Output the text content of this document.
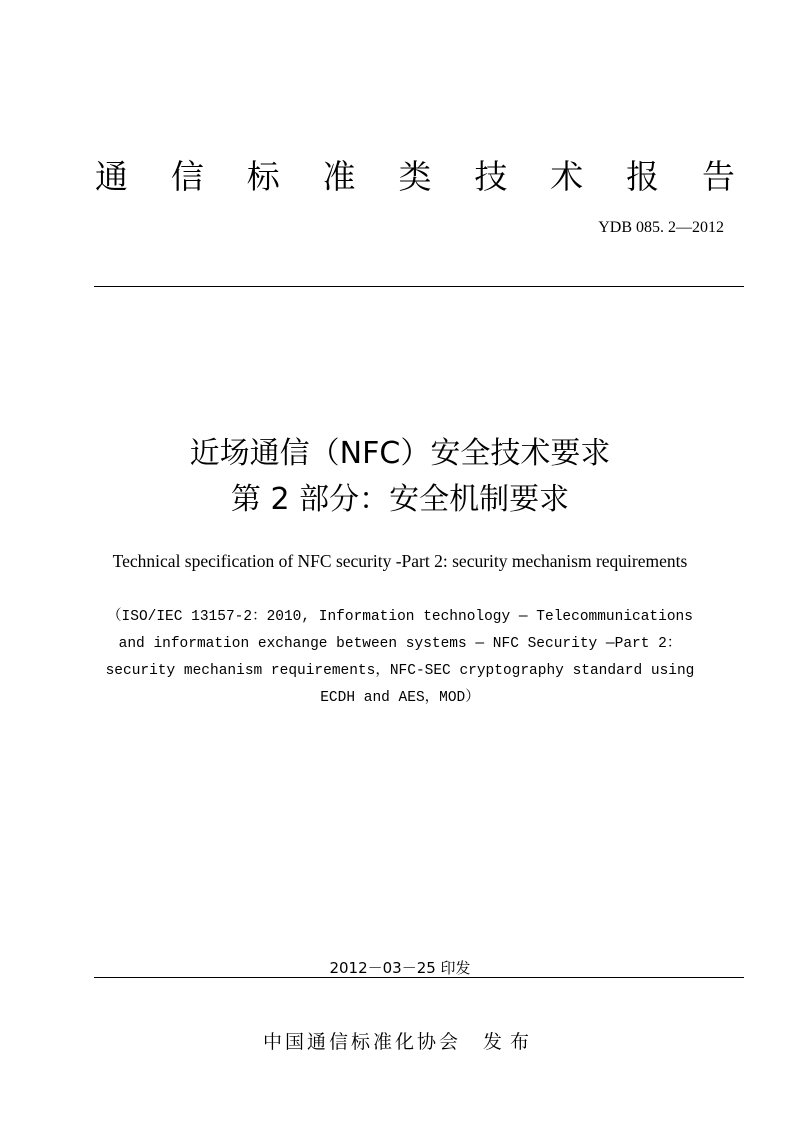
通 信 标 准 类 技 术 报 告
YDB 085. 2—2012
近场通信（NFC）安全技术要求
第 2 部分：安全机制要求
Technical specification of NFC security -Part 2: security mechanism requirements
（ISO/IEC 13157-2：2010, Information technology — Telecommunications
and information exchange between systems — NFC Security —Part 2：
security mechanism requirements，NFC-SEC cryptography standard using
ECDH and AES，MOD）
2012－03－25 印发
中国通信标准化协会 发布
